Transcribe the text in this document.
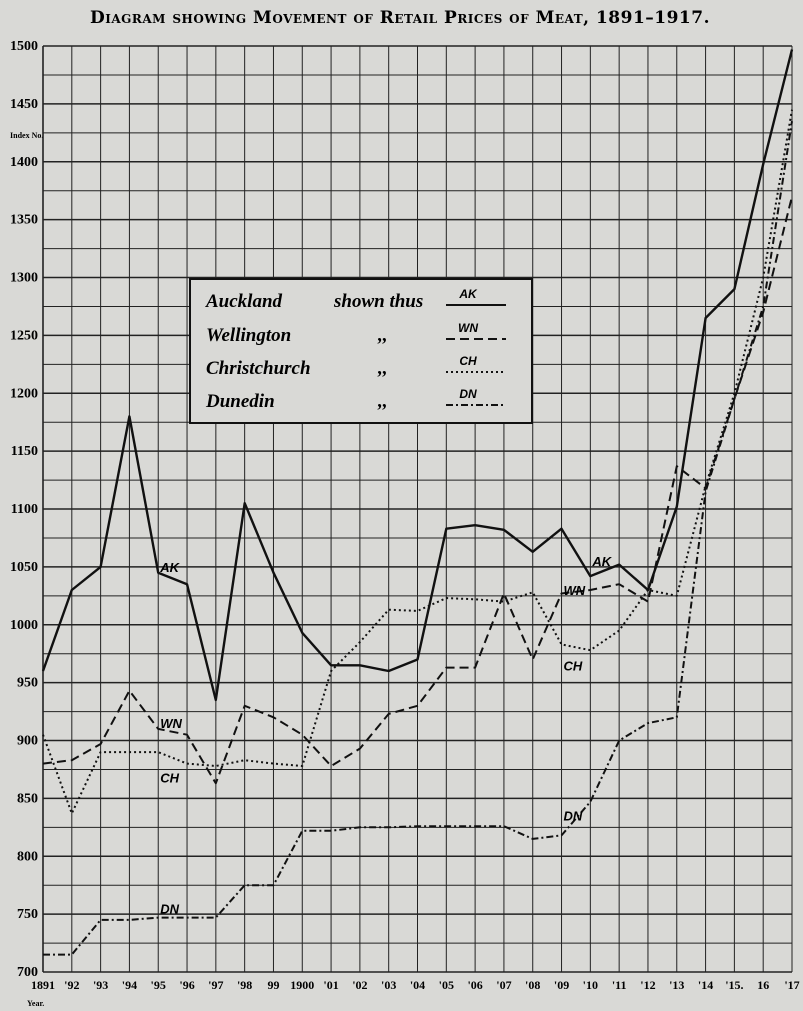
Diagram showing Movement of Retail Prices of Meat, 1891–1917.
Index No.
Year.
700
750
800
850
900
950
1000
1050
1100
1150
1200
1250
1300
1350
1400
1450
1500
1891 '92 '93 '94 '95 '96 '97 '98 99 1900 '01 '02 '03 '04 '05 '06 '07 '08 '09 '10 '11 '12 '13 '14 '15. 16 '17
AK	AK
WN
WN
CH
CH
DN
DN
Auckland	shown thus	AK
Wellington	,,	WN
Christchurch	,,	CH
Dunedin	,,	DN
